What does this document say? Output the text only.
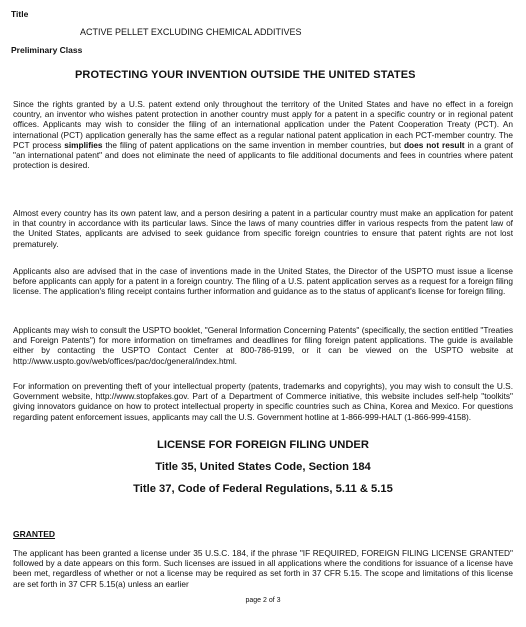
Title
ACTIVE PELLET EXCLUDING CHEMICAL ADDITIVES
Preliminary Class
PROTECTING YOUR INVENTION OUTSIDE THE UNITED STATES
Since the rights granted by a U.S. patent extend only throughout the territory of the United States and have no effect in a foreign country, an inventor who wishes patent protection in another country must apply for a patent in a specific country or in regional patent offices. Applicants may wish to consider the filing of an international application under the Patent Cooperation Treaty (PCT). An international (PCT) application generally has the same effect as a regular national patent application in each PCT-member country. The PCT process simplifies the filing of patent applications on the same invention in member countries, but does not result in a grant of "an international patent" and does not eliminate the need of applicants to file additional documents and fees in countries where patent protection is desired.
Almost every country has its own patent law, and a person desiring a patent in a particular country must make an application for patent in that country in accordance with its particular laws. Since the laws of many countries differ in various respects from the patent law of the United States, applicants are advised to seek guidance from specific foreign countries to ensure that patent rights are not lost prematurely.
Applicants also are advised that in the case of inventions made in the United States, the Director of the USPTO must issue a license before applicants can apply for a patent in a foreign country. The filing of a U.S. patent application serves as a request for a foreign filing license. The application's filing receipt contains further information and guidance as to the status of applicant's license for foreign filing.
Applicants may wish to consult the USPTO booklet, "General Information Concerning Patents" (specifically, the section entitled "Treaties and Foreign Patents") for more information on timeframes and deadlines for filing foreign patent applications. The guide is available either by contacting the USPTO Contact Center at 800-786-9199, or it can be viewed on the USPTO website at http://www.uspto.gov/web/offices/pac/doc/general/index.html.
For information on preventing theft of your intellectual property (patents, trademarks and copyrights), you may wish to consult the U.S. Government website, http://www.stopfakes.gov. Part of a Department of Commerce initiative, this website includes self-help "toolkits" giving innovators guidance on how to protect intellectual property in specific countries such as China, Korea and Mexico. For questions regarding patent enforcement issues, applicants may call the U.S. Government hotline at 1-866-999-HALT (1-866-999-4158).
LICENSE FOR FOREIGN FILING UNDER
Title 35, United States Code, Section 184
Title 37, Code of Federal Regulations, 5.11 & 5.15
GRANTED
The applicant has been granted a license under 35 U.S.C. 184, if the phrase "IF REQUIRED, FOREIGN FILING LICENSE GRANTED" followed by a date appears on this form. Such licenses are issued in all applications where the conditions for issuance of a license have been met, regardless of whether or not a license may be required as set forth in 37 CFR 5.15. The scope and limitations of this license are set forth in 37 CFR 5.15(a) unless an earlier
page 2 of 3
